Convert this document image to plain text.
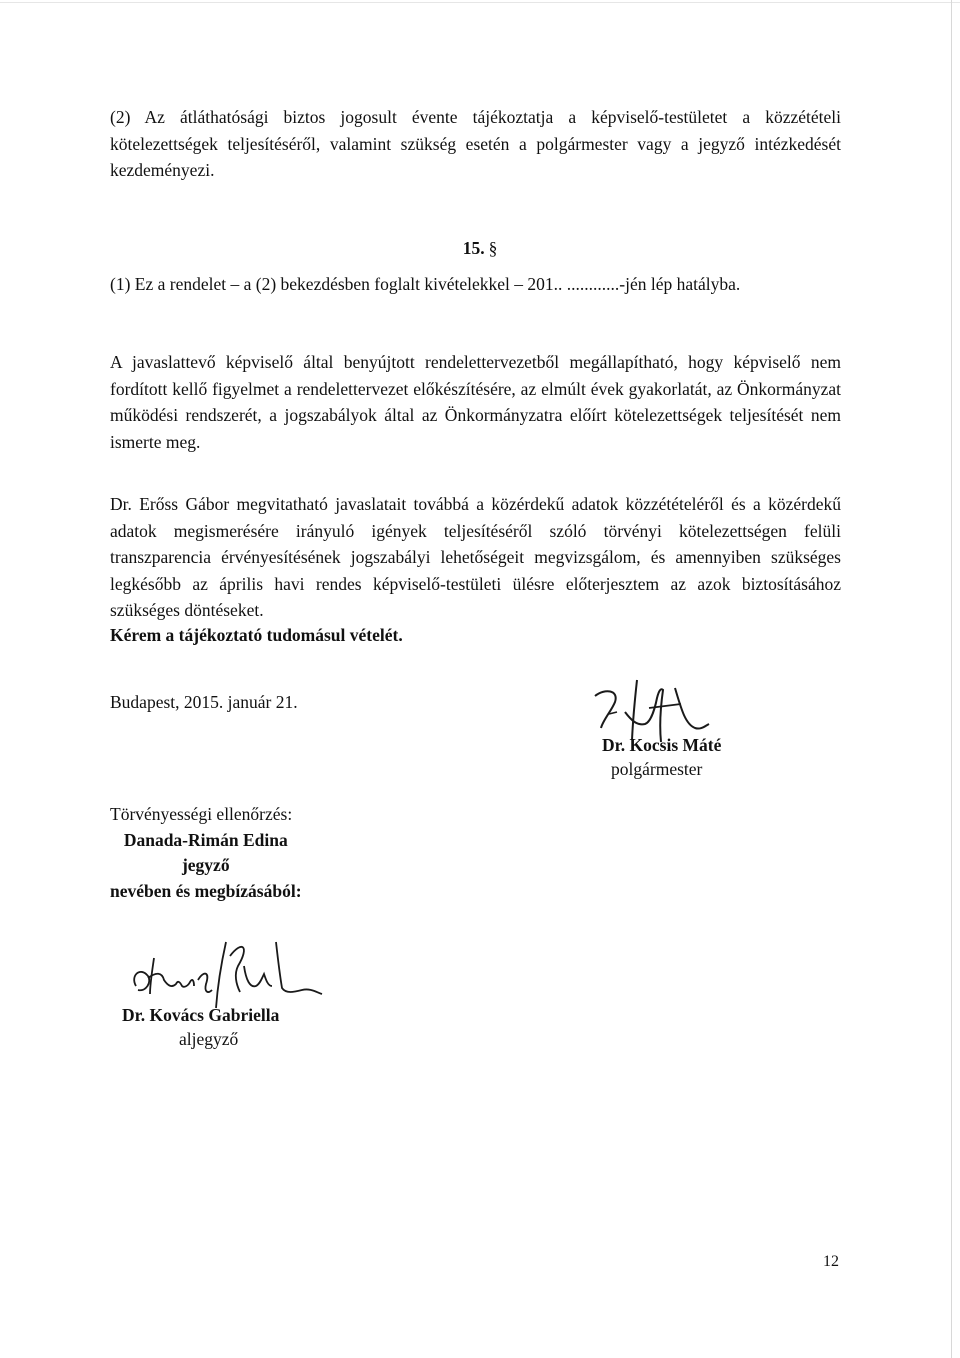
(2) Az átláthatósági biztos jogosult évente tájékoztatja a képviselő-testületet a közzétételi kötelezettségek teljesítéséről, valamint szükség esetén a polgármester vagy a jegyző intézkedését kezdeményezi.
15. §
(1) Ez a rendelet – a (2) bekezdésben foglalt kivételekkel – 201.. ............-jén lép hatályba.
A javaslattevő képviselő által benyújtott rendelettervezetből megállapítható, hogy képviselő nem fordított kellő figyelmet a rendelettervezet előkészítésére, az elmúlt évek gyakorlatát, az Önkormányzat működési rendszerét, a jogszabályok által az Önkormányzatra előírt kötelezettségek teljesítését nem ismerte meg.
Dr. Erőss Gábor megvitatható javaslatait továbbá a közérdekű adatok közzétételéről és a közérdekű adatok megismerésére irányuló igények teljesítéséről szóló törvényi kötelezettségen felüli transzparencia érvényesítésének jogszabályi lehetőségeit megvizsgálom, és amennyiben szükséges legkésőbb az április havi rendes képviselő-testületi ülésre előterjesztem az azok biztosításához szükséges döntéseket.
Kérem a tájékoztató tudomásul vételét.
Budapest, 2015. január 21.
Dr. Kocsis Máté
polgármester
Törvényességi ellenőrzés:
Danada-Rimán Edina
jegyző
nevében és megbízásából:
Dr. Kovács Gabriella
aljegyző
12
